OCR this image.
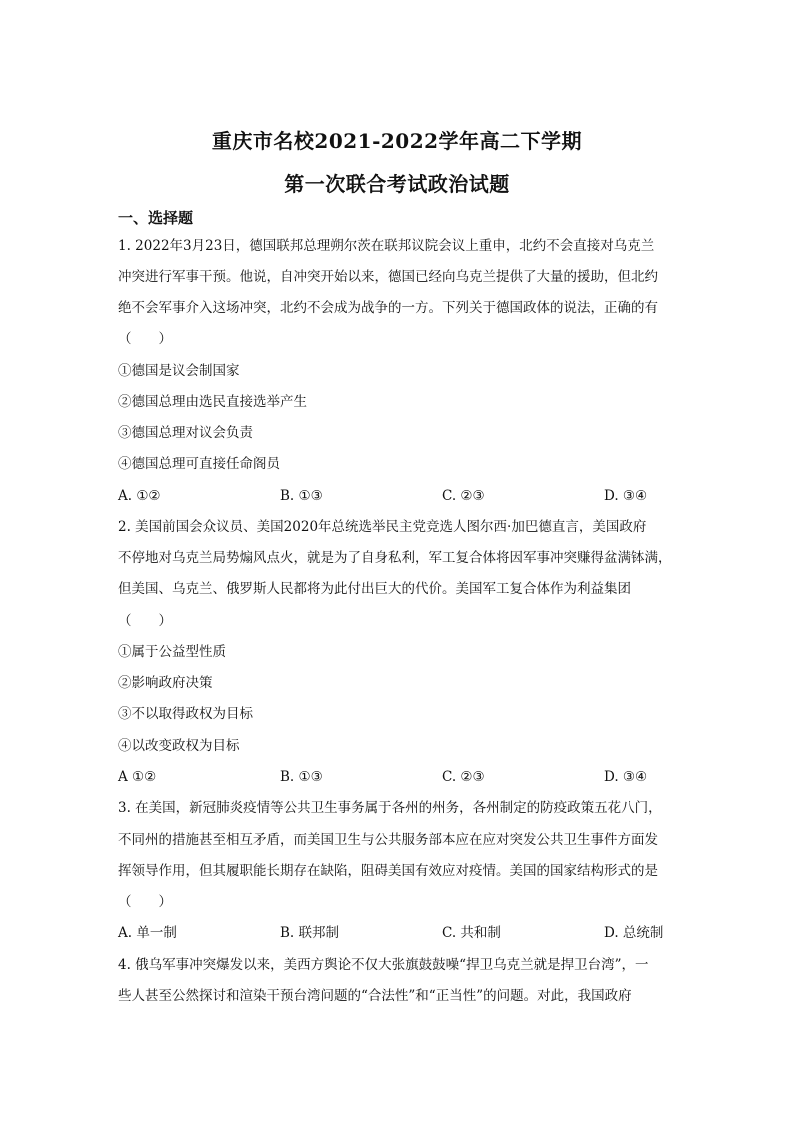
重庆市名校2021-2022学年高二下学期
第一次联合考试政治试题
一、选择题
1. 2022年3月23日，德国联邦总理朔尔茨在联邦议院会议上重申，北约不会直接对乌克兰
冲突进行军事干预。他说，自冲突开始以来，德国已经向乌克兰提供了大量的援助，但北约
绝不会军事介入这场冲突，北约不会成为战争的一方。下列关于德国政体的说法，正确的有
（　　）
①德国是议会制国家
②德国总理由选民直接选举产生
③德国总理对议会负责
④德国总理可直接任命阁员
A. ①②	B. ①③	C. ②③	D. ③④
2. 美国前国会众议员、美国2020年总统选举民主党竞选人图尔西·加巴德直言，美国政府
不停地对乌克兰局势煽风点火，就是为了自身私利，军工复合体将因军事冲突赚得盆满钵满，
但美国、乌克兰、俄罗斯人民都将为此付出巨大的代价。美国军工复合体作为利益集团
（　　）
①属于公益型性质
②影响政府决策
③不以取得政权为目标
④以改变政权为目标
A ①②	B. ①③	C. ②③	D. ③④
3. 在美国，新冠肺炎疫情等公共卫生事务属于各州的州务，各州制定的防疫政策五花八门，
不同州的措施甚至相互矛盾，而美国卫生与公共服务部本应在应对突发公共卫生事件方面发
挥领导作用，但其履职能长期存在缺陷，阻碍美国有效应对疫情。美国的国家结构形式的是
（　　）
A. 单一制	B. 联邦制	C. 共和制	D. 总统制
4. 俄乌军事冲突爆发以来，美西方舆论不仅大张旗鼓鼓噪“捍卫乌克兰就是捍卫台湾”，一
些人甚至公然探讨和渲染干预台湾问题的“合法性”和“正当性”的问题。对此，我国政府
